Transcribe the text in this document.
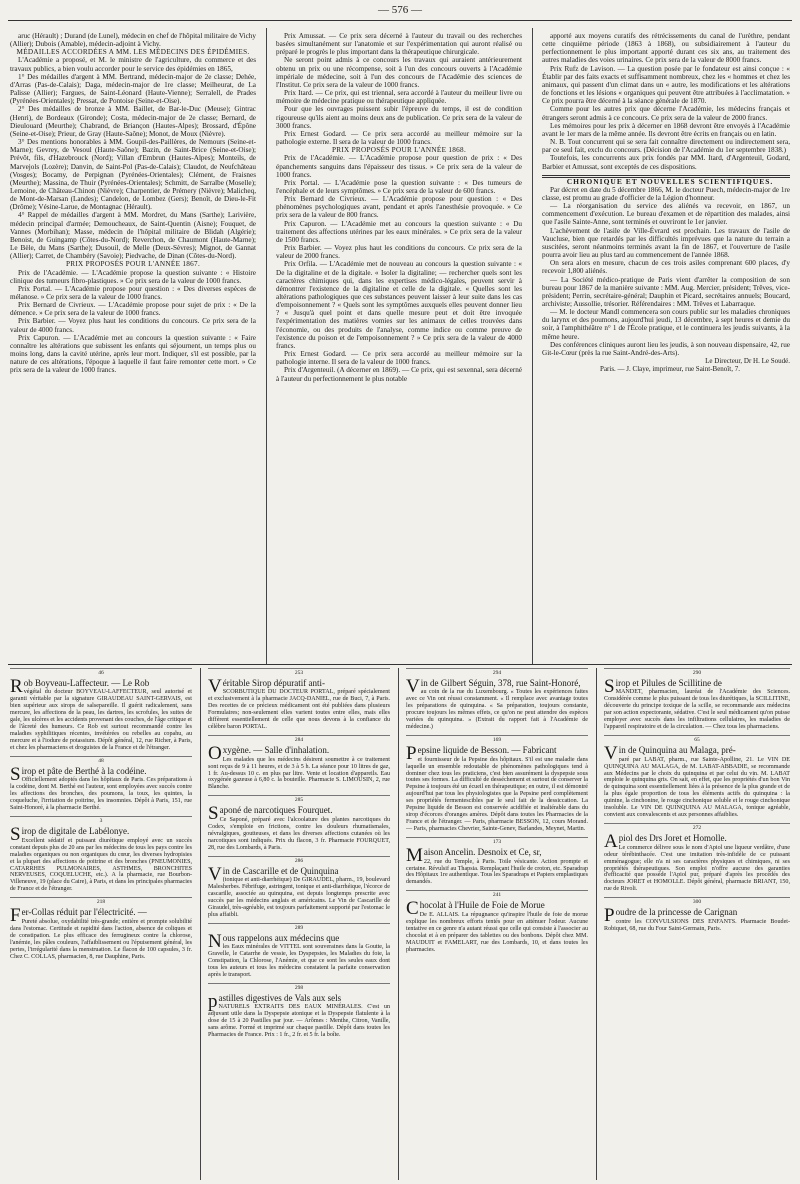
— 576 —

aruc (Hérault) ; Durand (de Lunel), médecin en chef de l'hôpital militaire de Vichy (Allier); Dubois (Amable), médecin-adjoint à Vichy.

MÉDAILLES ACCORDÉES A MM. LES MÉDECINS DES ÉPIDÉMIES.

L'Académie a proposé, et M. le ministre de l'agriculture, du commerce et des travaux publics, a bien voulu accorder pour le service des épidémies en 1865,

1° Des médailles d'argent à MM. Bertrand, médecin-major de 2e classe; Dehée, d'Arras (Pas-de-Calais); Daga, médecin-major de 1re classe; Meilheurat, de La Palisse (Allier); Fargues, de Saint-Léonard (Haute-Vienne); Serralell, de Prades (Pyrénées-Orientales); Pressat, de Pontoise (Seine-et-Oise).

2° Des médailles de bronze à MM. Baillet, de Bar-le-Duc (Meuse); Gintrac (Henri), de Bordeaux (Gironde); Costa, médecin-major de 2e classe; Bernard, de Dieulouard (Meurthe); Chabrand, de Briançon (Hautes-Alpes); Brossard, d'Épône (Seine-et-Oise); Prieur, de Gray (Haute-Saône); Monot, de Moux (Nièvre).

3° Des mentions honorables à MM. Goupil-des-Paillères, de Nemours (Seine-et-Marne); Gevrey, de Vesoul (Haute-Saône); Bazin, de Saint-Brice (Seine-et-Oise); Prévôt, fils, d'Hazebrouck (Nord); Villan d'Embrun (Hautes-Alpes); Monteils, de Marvejols (Lozère); Danvin, de Saint-Pol (Pas-de-Calais); Claudot, de Neufchâteau (Vosges); Bocamy, de Perpignan (Pyrénées-Orientales); Clément, de Fraisnes (Meurthe); Massina, de Thuir (Pyrénées-Orientales); Schmitt, de Sarralbe (Moselle); Lemoine, de Château-Chinon (Nièvre); Charpentier, de Prémery (Nièvre); Malicheq, de Mont-de-Marsan (Landes); Candelon, de Lombez (Gers); Benoît, de Dieu-le-Fit (Drôme); Vésine-Larue, de Montagnac (Hérault).

4° Rappel de médailles d'argent à MM. Mordret, du Mans (Sarthe); Larivière, médecin principal d'armée; Demoucheaux, de Saint-Quentin (Aisne); Fouquet, de Vannes (Morbihan); Masse, médecin de l'hôpital militaire de Blidah (Algérie); Benoist, de Guingamp (Côtes-du-Nord); Reverchon, de Chaumont (Haute-Marne); Le Bèle, du Mans (Sarthe); Dusouil, de Melle (Deux-Sèvres); Mignot, de Gannat (Allier); Carret, de Chambéry (Savoie); Piedvache, de Dinan (Côtes-du-Nord).

PRIX PROPOSÉS POUR L'ANNÉE 1867.

Prix de l'Académie. — L'Académie propose la question suivante : « Histoire clinique des tumeurs fibro-plastiques. » Ce prix sera de la valeur de 1000 francs.

Prix Portal. — L'Académie propose pour question : « Des diverses espèces de mélanose. » Ce prix sera de la valeur de 1000 francs.

Prix Bernard de Civrieux. — L'Académie propose pour sujet de prix : « De la démence. » Ce prix sera de la valeur de 1000 francs.

Prix Barbier. — Voyez plus haut les conditions du concours. Ce prix sera de la valeur de 4000 francs.

Prix Capuron. — L'Académie met au concours la question suivante : « Faire connaître les altérations que subissent les enfants qui séjournent, un temps plus ou moins long, dans la cavité utérine, après leur mort. Indiquer, s'il est possible, par la nature de ces altérations, l'époque à laquelle il faut faire remonter cette mort. » Ce prix sera de la valeur de 1000 francs.

Prix Amussat. — Ce prix sera décerné à l'auteur du travail ou des recherches basées simultanément sur l'anatomie et sur l'expérimentation qui auront réalisé ou préparé le progrès le plus important dans la thérapeutique chirurgicale.

Ne seront point admis à ce concours les travaux qui auraient antérieurement obtenu un prix ou une récompense, soit à l'un des concours ouverts à l'Académie impériale de médecine, soit à l'un des concours de l'Académie des sciences de l'Institut. Ce prix sera de la valeur de 1000 francs.

Prix Itard. — Ce prix, qui est triennal, sera accordé à l'auteur du meilleur livre ou mémoire de médecine pratique ou thérapeutique appliquée.

Pour que les ouvrages puissent subir l'épreuve du temps, il est de condition rigoureuse qu'ils aient au moins deux ans de publication. Ce prix sera de la valeur de 3000 francs.

Prix Ernest Godard. — Ce prix sera accordé au meilleur mémoire sur la pathologie externe. Il sera de la valeur de 1000 francs.

PRIX PROPOSÉS POUR L'ANNÉE 1868.

Prix de l'Académie. — L'Académie propose pour question de prix : « Des épanchements sanguins dans l'épaisseur des tissus. » Ce prix sera de la valeur de 1000 francs.

Prix Portal. — L'Académie pose la question suivante : « Des tumeurs de l'encéphale et de leurs symptômes. » Ce prix sera de la valeur de 600 francs.

Prix Bernard de Civrieux. — L'Académie propose pour question : « Des phénomènes psychologiques avant, pendant et après l'anesthésie provoquée. » Ce prix sera de la valeur de 800 francs.

Prix Capuron. — L'Académie met au concours la question suivante : « Du traitement des affections utérines par les eaux minérales. » Ce prix sera de la valeur de 1500 francs.

Prix Barbier. — Voyez plus haut les conditions du concours. Ce prix sera de la valeur de 2000 francs.

Prix Orfila. — L'Académie met de nouveau au concours la question suivante : « De la digitaline et de la digitale. « Isoler la digitaline; — rechercher quels sont les caractères chimiques qui, dans les expertises médico-légales, peuvent servir à démontrer l'existence de la digitaline et celle de la digitale. « Quelles sont les altérations pathologiques que ces substances peuvent laisser à leur suite dans les cas d'empoisonnement ? « Quels sont les symptômes auxquels elles peuvent donner lieu ? « Jusqu'à quel point et dans quelle mesure peut et doit être invoquée l'expérimentation des matières vomies sur les animaux de celles trouvées dans l'économie, ou des produits de l'analyse, comme indice ou comme preuve de l'existence du poison et de l'empoisonnement ? » Ce prix sera de la valeur de 4000 francs.

Prix Ernest Godard. — Ce prix sera accordé au meilleur mémoire sur la pathologie interne. Il sera de la valeur de 1000 francs.

Prix d'Argenteuil. (A décerner en 1869). — Ce prix, qui est sexennal, sera décerné à l'auteur du perfectionnement le plus notable

apporté aux moyens curatifs des rétrécissements du canal de l'urèthre, pendant cette cinquième période (1863 à 1868), ou subsidiairement à l'auteur du perfectionnement le plus important apporté durant ces six ans, au traitement des autres maladies des voies urinaires. Ce prix sera de la valeur de 8000 francs.

Prix Rufz de Lavison. — La question posée par le fondateur est ainsi conçue : « Établir par des faits exacts et suffisamment nombreux, chez les « hommes et chez les animaux, qui passent d'un climat dans un « autre, les modifications et les altérations de fonctions et les lésions « organiques qui peuvent être attribuées à l'acclimatation. » Ce prix pourra être décerné à la séance générale de 1870.

Comme pour les autres prix que décerne l'Académie, les médecins français et étrangers seront admis à ce concours. Ce prix sera de la valeur de 2000 francs.

Les mémoires pour les prix à décerner en 1868 devront être envoyés à l'Académie avant le 1er mars de la même année. Ils devront être écrits en français ou en latin.

N. B. Tout concurrent qui se sera fait connaître directement ou indirectement sera, par ce seul fait, exclu du concours. (Décision de l'Académie du 1er septembre 1838.)

Toutefois, les concurrents aux prix fondés par MM. Itard, d'Argenteuil, Godard, Barbier et Amussat, sont exceptés de ces dispositions.

CHRONIQUE ET NOUVELLES SCIENTIFIQUES.

Par décret en date du 5 décembre 1866, M. le docteur Puech, médecin-major de 1re classe, est promu au grade d'officier de la Légion d'honneur.

— La réorganisation du service des aliénés va recevoir, en 1867, un commencement d'exécution. Le bureau d'examen et de répartition des malades, ainsi que l'asile Sainte-Anne, sont terminés et ouvriront le 1er janvier.

L'achèvement de l'asile de Ville-Évrard est prochain. Les travaux de l'asile de Vaucluse, bien que retardés par les difficultés imprévues que la nature du terrain a suscitées, seront néanmoins terminés avant la fin de 1867, et l'ouverture de l'asile pourra avoir lieu au plus tard au commencement de l'année 1868.

On sera alors en mesure, chacun de ces trois asiles comprenant 600 places, d'y recevoir 1,800 aliénés.

— La Société médico-pratique de Paris vient d'arrêter la composition de son bureau pour 1867 de la manière suivante : MM. Aug. Mercier, président; Trêves, vice-président; Perrin, secrétaire-général; Dauphin et Picard, secrétaires annuels; Boucard, archiviste; Aussollie, trésorier. Référendaires : MM. Trêves et Labarraque.

— M. le docteur Mandl commencera son cours public sur les maladies chroniques du larynx et des poumons, aujourd'hui jeudi, 13 décembre, à sept heures et demie du soir, à l'amphithéâtre n° 1 de l'École pratique, et le continuera les jeudis suivants, à la même heure.

Des conférences cliniques auront lieu les jeudis, à son nouveau dispensaire, 42, rue Git-le-Cœur (près la rue Saint-André-des-Arts).

Le Directeur, Dr H. Le Soudé.

Paris. — J. Claye, imprimeur, rue Saint-Benoît, 7.

46
Rob Boyveau-Laffecteur. — Le Rob

végétal du docteur BOYVEAU-LAFFECTEUR, seul autorisé et garanti véritable par la signature GIRAUDEAU SAINT-GERVAIS, est bien supérieur aux sirops de salsepareille. Il guérit radicalement, sans mercure, les affections de la peau, les dartres, les scrofules, les suites de gale, les ulcères et les accidents provenant des couches, de l'âge critique et de l'âcreté des humeurs. Ce Rob est surtout recommandé contre les maladies syphilitiques récentes, invétérées ou rebelles au copahu, au mercure et à l'iodure de potassium. Dépôt général, 12, rue Richer, à Paris, et chez les pharmaciens et droguistes de la France et de l'étranger.

48
Sirop et pâte de Berthé à la codéine.

Officiellement adoptés dans les hôpitaux de Paris. Ces préparations à la codéine, dont M. Berthé est l'auteur, sont employées avec succès contre les affections des bronches, des poumons, la toux, les quintes, la coqueluche, l'irritation de poitrine, les insomnies. Dépôt à Paris, 151, rue Saint-Honoré, à la pharmacie Berthé.

3
Sirop de digitale de Labélonye.

Excellent sédatif et puissant diurétique employé avec un succès constant depuis plus de 20 ans par les médecins de tous les pays contre les maladies organiques ou non organiques du cœur, les diverses hydropisies et la plupart des affections de poitrine et des bronches (PNEUMONIES, CATARRHES PULMONAIRES, ASTHMES, BRONCHITES NERVEUSES, COQUELUCHE, etc.). A la pharmacie, rue Bourbon-Villeneuve, 19 (place du Caire), à Paris, et dans les principales pharmacies de France et de l'étranger.

218
Fer-Collas réduit par l'électricité. —

Pureté absolue, oxydabilité très-grande; entière et prompte solubilité dans l'estomac. Certitude et rapidité dans l'action, absence de coliques et de constipation. Le plus efficace des ferrugineux contre la chlorose, l'anémie, les pâles couleurs, l'affaiblissement ou l'épuisement général, les pertes, l'irrégularité dans la menstruation. Le flacon de 100 capsules, 3 fr. Chez C. COLLAS, pharmacien, 8, rue Dauphine, Paris.

253
Véritable Sirop dépuratif anti-

SCORBUTIQUE DU DOCTEUR PORTAL, préparé spécialement et exclusivement à la pharmacie JACQ-DANIEL, rue de Buci, 7, à Paris. Des recettes de ce précieux médicament ont été publiées dans plusieurs Formulaires; non-seulement elles varient toutes entre elles, mais elles diffèrent essentiellement de celle que nous devons à la confiance du célèbre baron PORTAL.

284
Oxygène. — Salle d'inhalation.

Les malades que les médecins désirent soumettre à ce traitement sont reçus de 9 à 11 heures, et de 3 à 5 h. La séance pour 10 litres de gaz, 1 fr. Au-dessus 10 c. en plus par litre. Vente et location d'appareils. Eau oxygénée gazeuse à 6,80 c. la bouteille. Pharmacie S. LIMOUSIN, 2, rue Blanche.

285
Saponé de narcotiques Fourquet.

Ce Saponé, préparé avec l'alcoolature des plantes narcotiques du Codex, s'emploie en frictions, contre les douleurs rhumatismales, névralgiques, goutteuses, et dans les diverses affections cutanées où les narcotiques sont indiqués. Prix du flacon, 3 fr. Pharmacie FOURQUET, 28, rue des Lombards, à Paris.

286
Vin de Cascarille et de Quinquina

(tonique et anti-diarrhéique) De GIRAUDEL, pharm., 19, boulevard Malesherbes. Fébrifuge, astringent, tonique et anti-diarrhéique, l'écorce de cascarille, associée au quinquina, est depuis longtemps prescrite avec succès par les médecins anglais et américains. Le Vin de Cascarille de Giraudel, très-agréable, est toujours parfaitement supporté par l'estomac le plus affaibli.

289
Nous rappelons aux médecins que

les Eaux minérales de VITTEL sont souveraines dans la Goutte, la Gravelle, le Catarrhe de vessie, les Dyspepsies, les Maladies du foie, la Constipation, la Chlorose, l'Anémie, et que ce sont les seules eaux dont tous les auteurs et tous les médecins constatent la parfaite conservation après le transport.

298
pastilles digestives de Vals aux sels

NATURELS EXTRAITS DES EAUX MINÉRALES. C'est un adjuvant utile dans la Dyspepsie atonique et la Dyspepsie flatulente à la dose de 15 à 20 Pastilles par jour. — Arômes : Menthe, Citron, Vanille, sans arôme. Formé et imprimé sur chaque pastille. Dépôt dans toutes les Pharmacies de France. Prix : 1 fr., 2 fr. et 5 fr. la boîte.

294
Vin de Gilbert Séguin, 378, rue Saint-Honoré,

au coin de la rue du Luxembourg. « Toutes les expériences faites avec ce Vin ont réussi constamment. « Il remplace avec avantage toutes les préparations de quinquina. « Sa préparation, toujours constante, procure toujours les mêmes effets, ce qu'on ne peut attendre des espèces variées du quinquina. » (Extrait du rapport fait à l'Académie de médecine.)

169
Pepsine liquide de Besson. — Fabricant

et fournisseur de la Pepsine des hôpitaux. S'il est une maladie dans laquelle un ensemble redoutable de phénomènes pathologiques tend à dominer chez tous les praticiens, c'est bien assurément la dyspepsie sous toutes ses formes. La difficulté de desséchement et surtout de conserver la Pepsine à toujours été un écueil en thérapeutique; en outre, il est démontré aujourd'hui par tous les physiologistes que la Pepsine perd complètement ses propriétés fermentescibles par le seul fait de la dessiccation. La Pepsine liquide de Besson est conservée acidifiée et inaltérable dans du sirop d'écorces d'oranges amères. Dépôt dans toutes les Pharmacies de la France et de l'étranger. — Paris, pharmacie BESSON, 12, cours Morand. — Paris, pharmacies Chevrier, Sainte-Genev, Barlandes, Meynet, Martin.

173
Maison Ancelin. Desnoix et Ce, sr,

22, rue du Temple, à Paris. Toile vésicante. Action prompte et certaine. Révulsif au Thapsia. Remplaçant l'huile de croton, etc. Sparadrap des Hôpitaux 1re authentique. Tous les Sparadraps et Papiers emplastiques demandés.

241
Chocolat à l'Huile de Foie de Morue

De E. ALLAIS. La répugnance qu'inspire l'huile de foie de morue explique les nombreux efforts tentés pour en atténuer l'odeur. Aucune tentative en ce genre n'a autant réussi que celle qui consiste à l'associer au chocolat et à en préparer des tablettes ou des bonbons. Dépôt chez MM. MAUDUIT et FAMELART, rue des Lombards, 10, et dans toutes les pharmacies.

290
Sirop et Pilules de Scillitine de

MANDET, pharmacien, lauréat de l'Académie des Sciences. Considérée comme le plus puissant de tous les diurétiques, la SCILLITINE, découverte du principe toxique de la scille, se recommande aux médecins par son action expectorante, sédative. C'est le seul médicament qu'on puisse employer avec succès dans les infiltrations cellulaires, les maladies de l'appareil respiratoire et de la circulation. — Chez tous les pharmaciens.

65
Vin de Quinquina au Malaga, pré-

paré par LABAT, pharm., rue Sainte-Apolline, 21. Le VIN DE QUINQUINA AU MALAGA, de M. LABAT-ABBADIE, se recommande aux Médecins par le choix du quinquina et par celui du vin. M. LABAT emploie le quinquina gris. On sait, en effet, que les propriétés d'un bon Vin de quinquina sont essentiellement liées à la présence de la plus grande et de la plus égale proportion de tous les éléments actifs du quinquina : la quinine, la cinchonine, le rouge cinchonique soluble et le rouge cinchonique insoluble. Le VIN DE QUINQUINA AU MALAGA, tonique agréable, convient aux convalescents et aux personnes affaiblies.

272
Apiol des Drs Joret et Homolle.

Le commerce délivre sous le nom d'Apiol une liqueur verdâtre, d'une odeur térébinthacée. C'est une imitation très-infidèle de ce puissant emménagogue; elle n'a ni ses caractères physiques et chimiques, ni ses propriétés thérapeutiques. Son emploi n'offre aucune des garanties d'efficacité que possède l'Apiol pur, préparé d'après les procédés des docteurs JORET et HOMOLLE. Dépôt général, pharmacie BRIANT, 150, rue de Rivoli.

300
Poudre de la princesse de Carignan

contre les CONVULSIONS DES ENFANTS. Pharmacie Boudet-Robiquet, 68, rue du Four Saint-Germain, Paris.
